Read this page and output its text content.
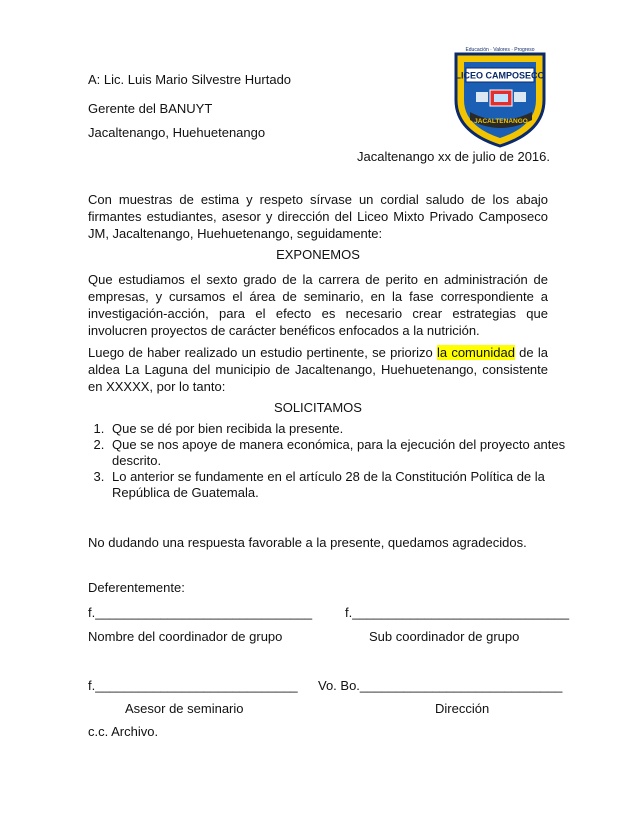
Educación · Valores · Progreso
LICEO CAMPOSECO
JACALTENANGO
A: Lic. Luis Mario Silvestre Hurtado
Gerente del BANUYT
Jacaltenango, Huehuetenango
Jacaltenango xx de julio de 2016.
Con muestras de estima y respeto sírvase un cordial saludo de los abajo firmantes estudiantes, asesor y dirección del Liceo Mixto Privado Camposeco JM, Jacaltenango, Huehuetenango, seguidamente:
EXPONEMOS
Que estudiamos el sexto grado de la carrera de perito en administración de empresas, y cursamos el área de seminario, en la fase correspondiente a investigación-acción, para el efecto es necesario crear estrategias que involucren proyectos de carácter benéficos enfocados a la nutrición.
Luego de haber realizado un estudio pertinente, se priorizo la comunidad de la aldea La Laguna del municipio de Jacaltenango, Huehuetenango, consistente en XXXXX, por lo tanto:
SOLICITAMOS
1. Que se dé por bien recibida la presente.
2. Que se nos apoye de manera económica, para la ejecución del proyecto antes descrito.
3. Lo anterior se fundamente en el artículo 28 de la Constitución Política de la República de Guatemala.
No dudando una respuesta favorable a la presente, quedamos agradecidos.
Deferentemente:
f.______________________________	f.______________________________
Nombre del coordinador de grupo	Sub coordinador de grupo
f.____________________________ Vo. Bo.____________________________
Asesor de seminario	Dirección
c.c. Archivo.
